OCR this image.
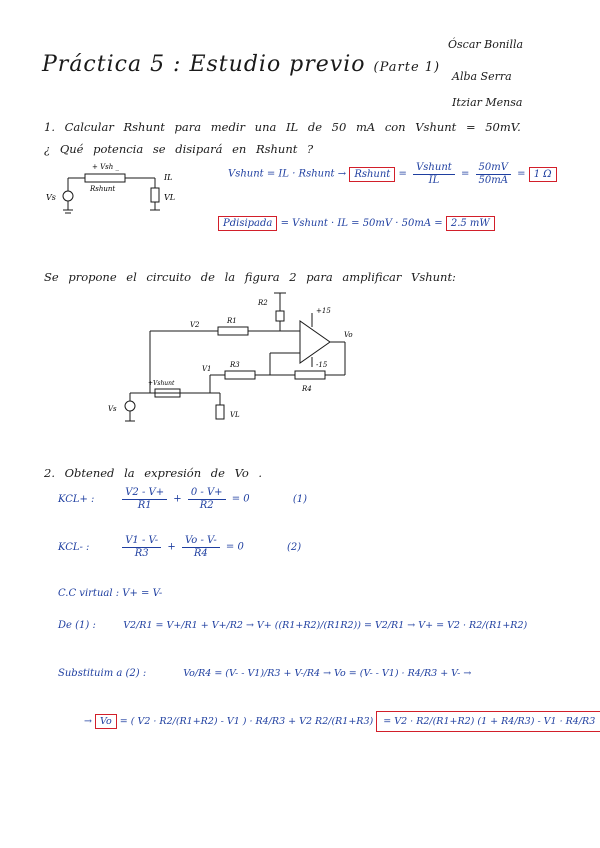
Práctica 5 : Estudio previo (Parte 1)
Óscar Bonilla
Alba Serra
Itziar Mensa
1. Calcular Rshunt para medir una IL de 50 mA con Vshunt = 50mV.
¿ Qué potencia se disipará en Rshunt ?
+ Vsh _
Rshunt
IL
VL
Vs
Vshunt = IL · Rshunt → Rshunt = $\frac{\text{Vshunt}}{IL} = \frac{50mV}{50mA} = 1$ Ω
Pdisipada = Vshunt · IL = 50mV · 50mA = 2.5 mW
Se propone el circuito de la figura 2 para amplificar Vshunt:
R2
R1
V2
+15
-15
Vo
R3
R4
V1
+Vshunt
Vs
VL
2. Obtened la expresión de Vo .
KCL+ :	$\frac{V2 - V+}{R1} + \frac{0 - V+}{R2} = 0$	(1)
KCL- :	$\frac{V1 - V-}{R3} + \frac{Vo - V-}{R4} = 0$	(2)
C.C virtual : V+ = V-
De (1) :	V2/R1 = V+/R1 + V+/R2 → V+ ((R1+R2)/(R1R2)) = V2/R1 → V+ = V2 · R2/(R1+R2)
Substituim a (2) :	Vo/R4 = (V- - V1)/R3 + V-/R4 → Vo = (V- - V1) · R4/R3 + V- →
→ Vo = ( V2 · R2/(R1+R2) - V1 ) · R4/R3 + V2 R2/(R1+R3) = V2 · R2/(R1+R2) (1 + R4/R3) - V1 · R4/R3
